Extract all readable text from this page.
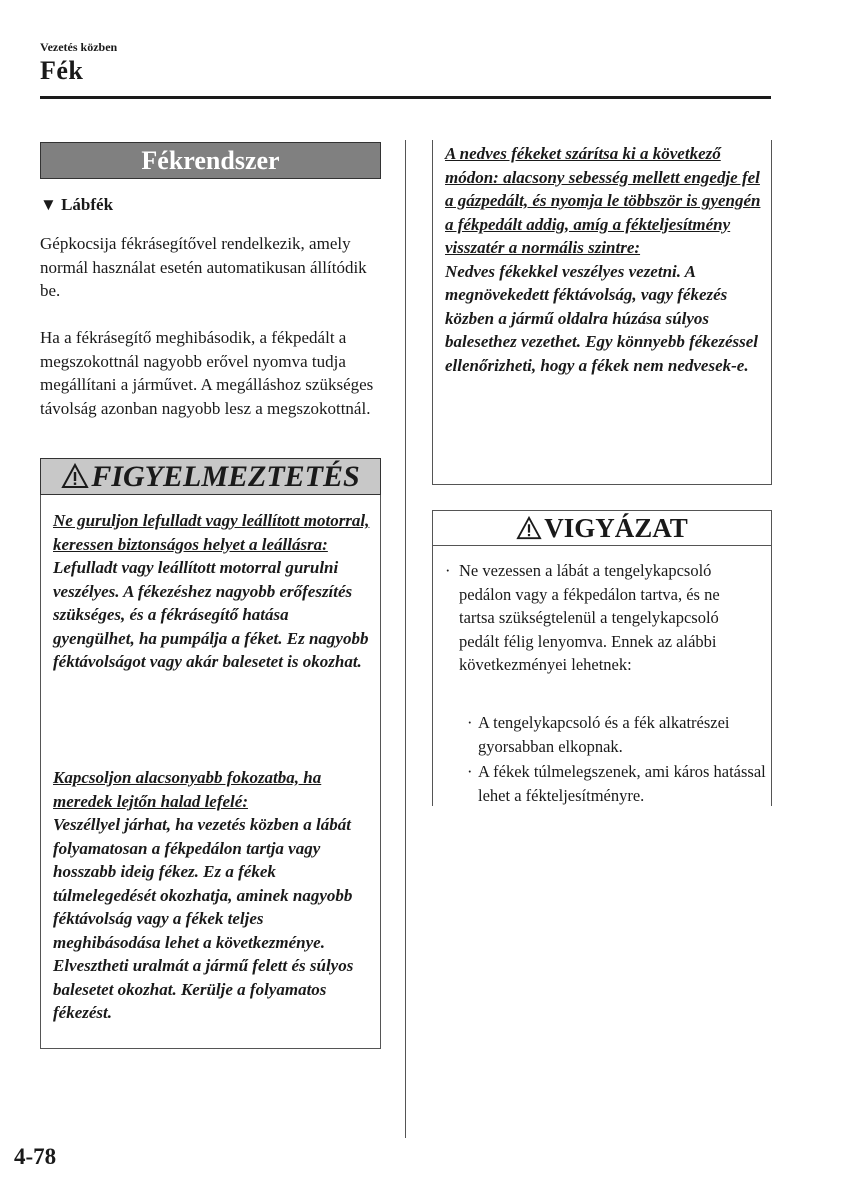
Vezetés közben
Fék
Fékrendszer
▼ Lábfék
Gépkocsija fékrásegítővel rendelkezik, amely normál használat esetén automatikusan állítódik be.
Ha a fékrásegítő meghibásodik, a fékpedált a megszokottnál nagyobb erővel nyomva tudja megállítani a járművet. A megálláshoz szükséges távolság azonban nagyobb lesz a megszokottnál.
FIGYELMEZTETÉS
Ne guruljon lefulladt vagy leállított motorral, keressen biztonságos helyet a leállásra:
Lefulladt vagy leállított motorral gurulni veszélyes. A fékezéshez nagyobb erőfeszítés szükséges, és a fékrásegítő hatása gyengülhet, ha pumpálja a féket. Ez nagyobb féktávolságot vagy akár balesetet is okozhat.
Kapcsoljon alacsonyabb fokozatba, ha meredek lejtőn halad lefelé:
Veszéllyel járhat, ha vezetés közben a lábát folyamatosan a fékpedálon tartja vagy hosszabb ideig fékez. Ez a fékek túlmelegedését okozhatja, aminek nagyobb féktávolság vagy a fékek teljes meghibásodása lehet a következménye. Elvesztheti uralmát a jármű felett és súlyos balesetet okozhat. Kerülje a folyamatos fékezést.
A nedves fékeket szárítsa ki a következő módon: alacsony sebesség mellett engedje fel a gázpedált, és nyomja le többször is gyengén a fékpedált addig, amíg a fékteljesítmény visszatér a normális szintre:
Nedves fékekkel veszélyes vezetni. A megnövekedett féktávolság, vagy fékezés közben a jármű oldalra húzása súlyos balesethez vezethet. Egy könnyebb fékezéssel ellenőrizheti, hogy a fékek nem nedvesek-e.
VIGYÁZAT
· Ne vezessen a lábát a tengelykapcsoló pedálon vagy a fékpedálon tartva, és ne tartsa szükségtelenül a tengelykapcsoló pedált félig lenyomva. Ennek az alábbi következményei lehetnek:
· A tengelykapcsoló és a fék alkatrészei gyorsabban elkopnak.
· A fékek túlmelegszenek, ami káros hatással lehet a fékteljesítményre.
4-78
